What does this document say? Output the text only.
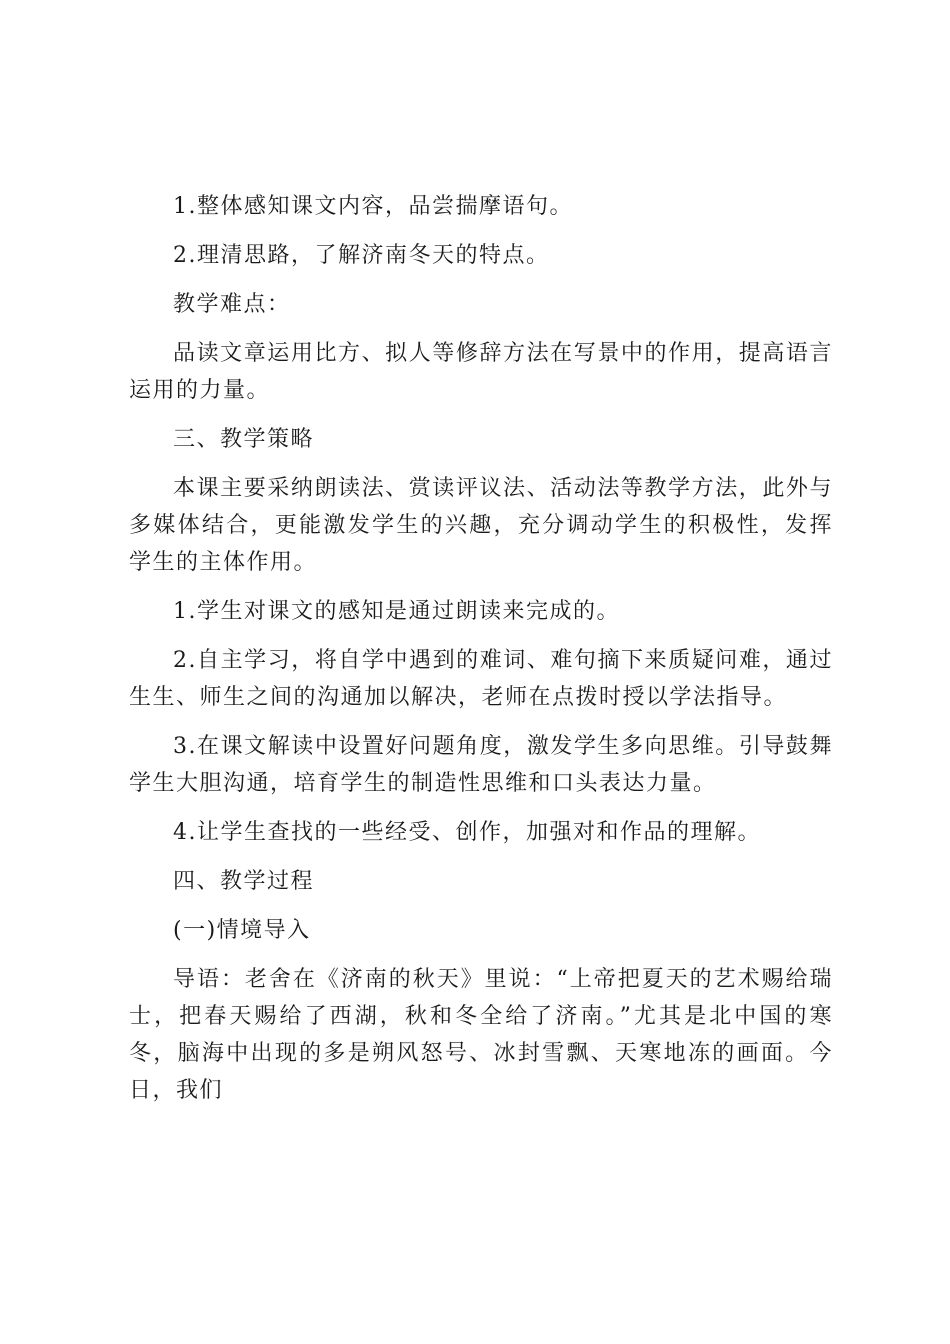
1.整体感知课文内容，品尝揣摩语句。

2.理清思路，了解济南冬天的特点。

教学难点：

品读文章运用比方、拟人等修辞方法在写景中的作用，提高语言运用的力量。

三、教学策略

本课主要采纳朗读法、赏读评议法、活动法等教学方法，此外与多媒体结合，更能激发学生的兴趣，充分调动学生的积极性，发挥学生的主体作用。

1.学生对课文的感知是通过朗读来完成的。

2.自主学习，将自学中遇到的难词、难句摘下来质疑问难，通过生生、师生之间的沟通加以解决，老师在点拨时授以学法指导。

3.在课文解读中设置好问题角度，激发学生多向思维。引导鼓舞学生大胆沟通，培育学生的制造性思维和口头表达力量。

4.让学生查找的一些经受、创作，加强对和作品的理解。

四、教学过程

(一)情境导入

导语：老舍在《济南的秋天》里说：“上帝把夏天的艺术赐给瑞士，把春天赐给了西湖，秋和冬全给了济南。”尤其是北中国的寒冬，脑海中出现的多是朔风怒号、冰封雪飘、天寒地冻的画面。今日，我们
